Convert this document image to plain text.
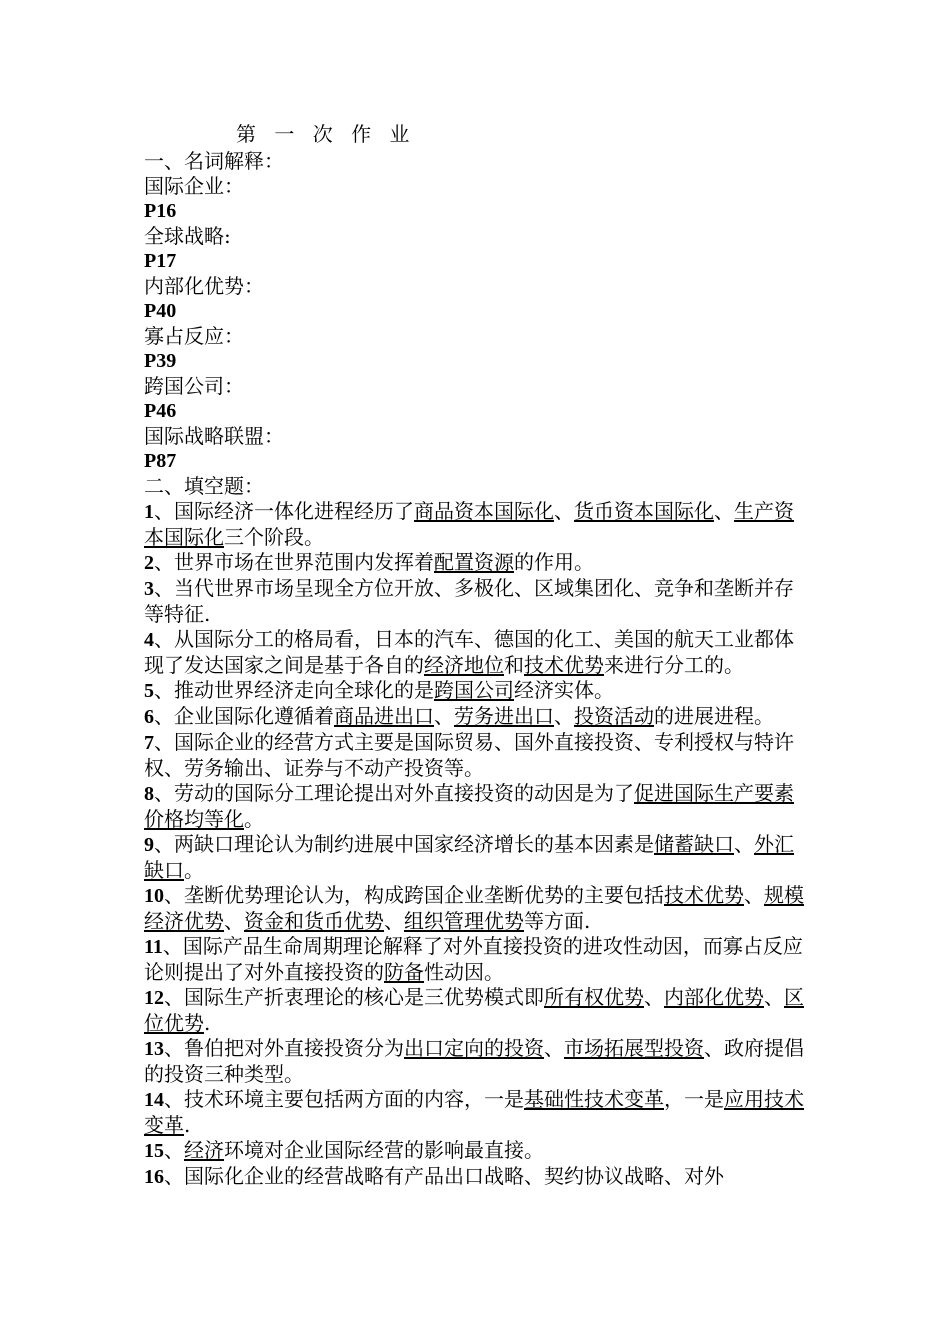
第 一 次 作 业
一、名词解释：
国际企业：
P16
全球战略:
P17
内部化优势：
P40
寡占反应：
P39
跨国公司：
P46
国际战略联盟：
P87
二、填空题：
1、国际经济一体化进程经历了商品资本国际化、货币资本国际化、生产资本国际化三个阶段。
2、世界市场在世界范围内发挥着配置资源的作用。
3、当代世界市场呈现全方位开放、多极化、区域集团化、竞争和垄断并存等特征.
4、从国际分工的格局看，日本的汽车、德国的化工、美国的航天工业都体现了发达国家之间是基于各自的经济地位和技术优势来进行分工的。
5、推动世界经济走向全球化的是跨国公司经济实体。
6、企业国际化遵循着商品进出口、劳务进出口、投资活动的进展进程。
7、国际企业的经营方式主要是国际贸易、国外直接投资、专利授权与特许权、劳务输出、证券与不动产投资等。
8、劳动的国际分工理论提出对外直接投资的动因是为了促进国际生产要素价格均等化。
9、两缺口理论认为制约进展中国家经济增长的基本因素是储蓄缺口、外汇缺口。
10、垄断优势理论认为，构成跨国企业垄断优势的主要包括技术优势、规模经济优势、资金和货币优势、组织管理优势等方面.
11、国际产品生命周期理论解释了对外直接投资的进攻性动因，而寡占反应论则提出了对外直接投资的防备性动因。
12、国际生产折衷理论的核心是三优势模式即所有权优势、内部化优势、区位优势.
13、鲁伯把对外直接投资分为出口定向的投资、市场拓展型投资、政府提倡的投资三种类型。
14、技术环境主要包括两方面的内容，一是基础性技术变革，一是应用技术变革.
15、经济环境对企业国际经营的影响最直接。
16、国际化企业的经营战略有产品出口战略、契约协议战略、对外
